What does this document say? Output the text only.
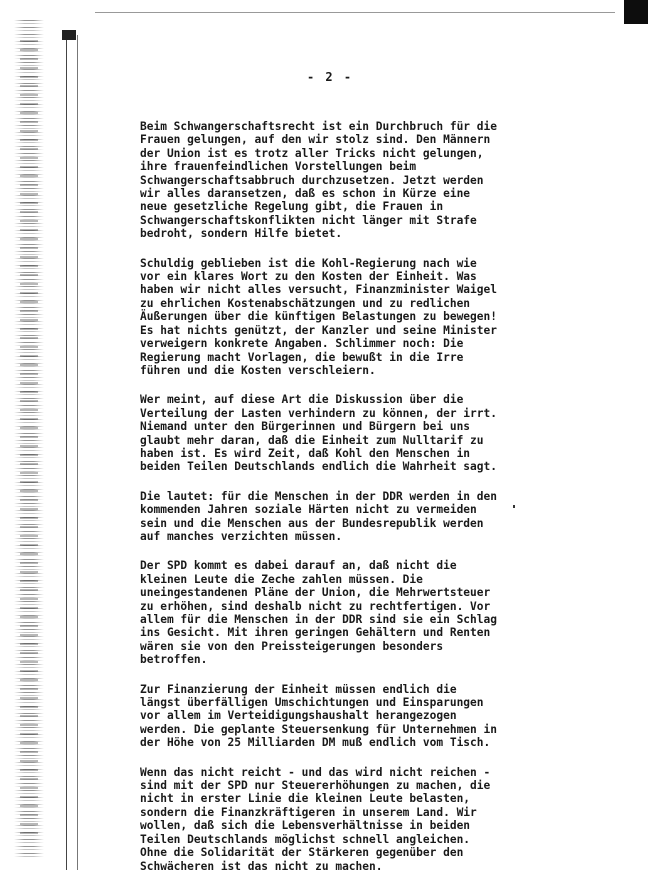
- 2 -
Beim Schwangerschaftsrecht ist ein Durchbruch für die
Frauen gelungen, auf den wir stolz sind. Den Männern
der Union ist es trotz aller Tricks nicht gelungen,
ihre frauenfeindlichen Vorstellungen beim
Schwangerschaftsabbruch durchzusetzen. Jetzt werden
wir alles daransetzen, daß es schon in Kürze eine
neue gesetzliche Regelung gibt, die Frauen in
Schwangerschaftskonflikten nicht länger mit Strafe
bedroht, sondern Hilfe bietet.
Schuldig geblieben ist die Kohl-Regierung nach wie
vor ein klares Wort zu den Kosten der Einheit. Was
haben wir nicht alles versucht, Finanzminister Waigel
zu ehrlichen Kostenabschätzungen und zu redlichen
Äußerungen über die künftigen Belastungen zu bewegen!
Es hat nichts genützt, der Kanzler und seine Minister
verweigern konkrete Angaben. Schlimmer noch: Die
Regierung macht Vorlagen, die bewußt in die Irre
führen und die Kosten verschleiern.
Wer meint, auf diese Art die Diskussion über die
Verteilung der Lasten verhindern zu können, der irrt.
Niemand unter den Bürgerinnen und Bürgern bei uns
glaubt mehr daran, daß die Einheit zum Nulltarif zu
haben ist. Es wird Zeit, daß Kohl den Menschen in
beiden Teilen Deutschlands endlich die Wahrheit sagt.
Die lautet: für die Menschen in der DDR werden in den
kommenden Jahren soziale Härten nicht zu vermeiden
sein und die Menschen aus der Bundesrepublik werden
auf manches verzichten müssen.
Der SPD kommt es dabei darauf an, daß nicht die
kleinen Leute die Zeche zahlen müssen. Die
uneingestandenen Pläne der Union, die Mehrwertsteuer
zu erhöhen, sind deshalb nicht zu rechtfertigen. Vor
allem für die Menschen in der DDR sind sie ein Schlag
ins Gesicht. Mit ihren geringen Gehältern und Renten
wären sie von den Preissteigerungen besonders
betroffen.
Zur Finanzierung der Einheit müssen endlich die
längst überfälligen Umschichtungen und Einsparungen
vor allem im Verteidigungshaushalt herangezogen
werden. Die geplante Steuersenkung für Unternehmen in
der Höhe von 25 Milliarden DM muß endlich vom Tisch.
Wenn das nicht reicht - und das wird nicht reichen -
sind mit der SPD nur Steuererhöhungen zu machen, die
nicht in erster Linie die kleinen Leute belasten,
sondern die Finanzkräftigeren in unserem Land. Wir
wollen, daß sich die Lebensverhältnisse in beiden
Teilen Deutschlands möglichst schnell angleichen.
Ohne die Solidarität der Stärkeren gegenüber den
Schwächeren ist das nicht zu machen.
